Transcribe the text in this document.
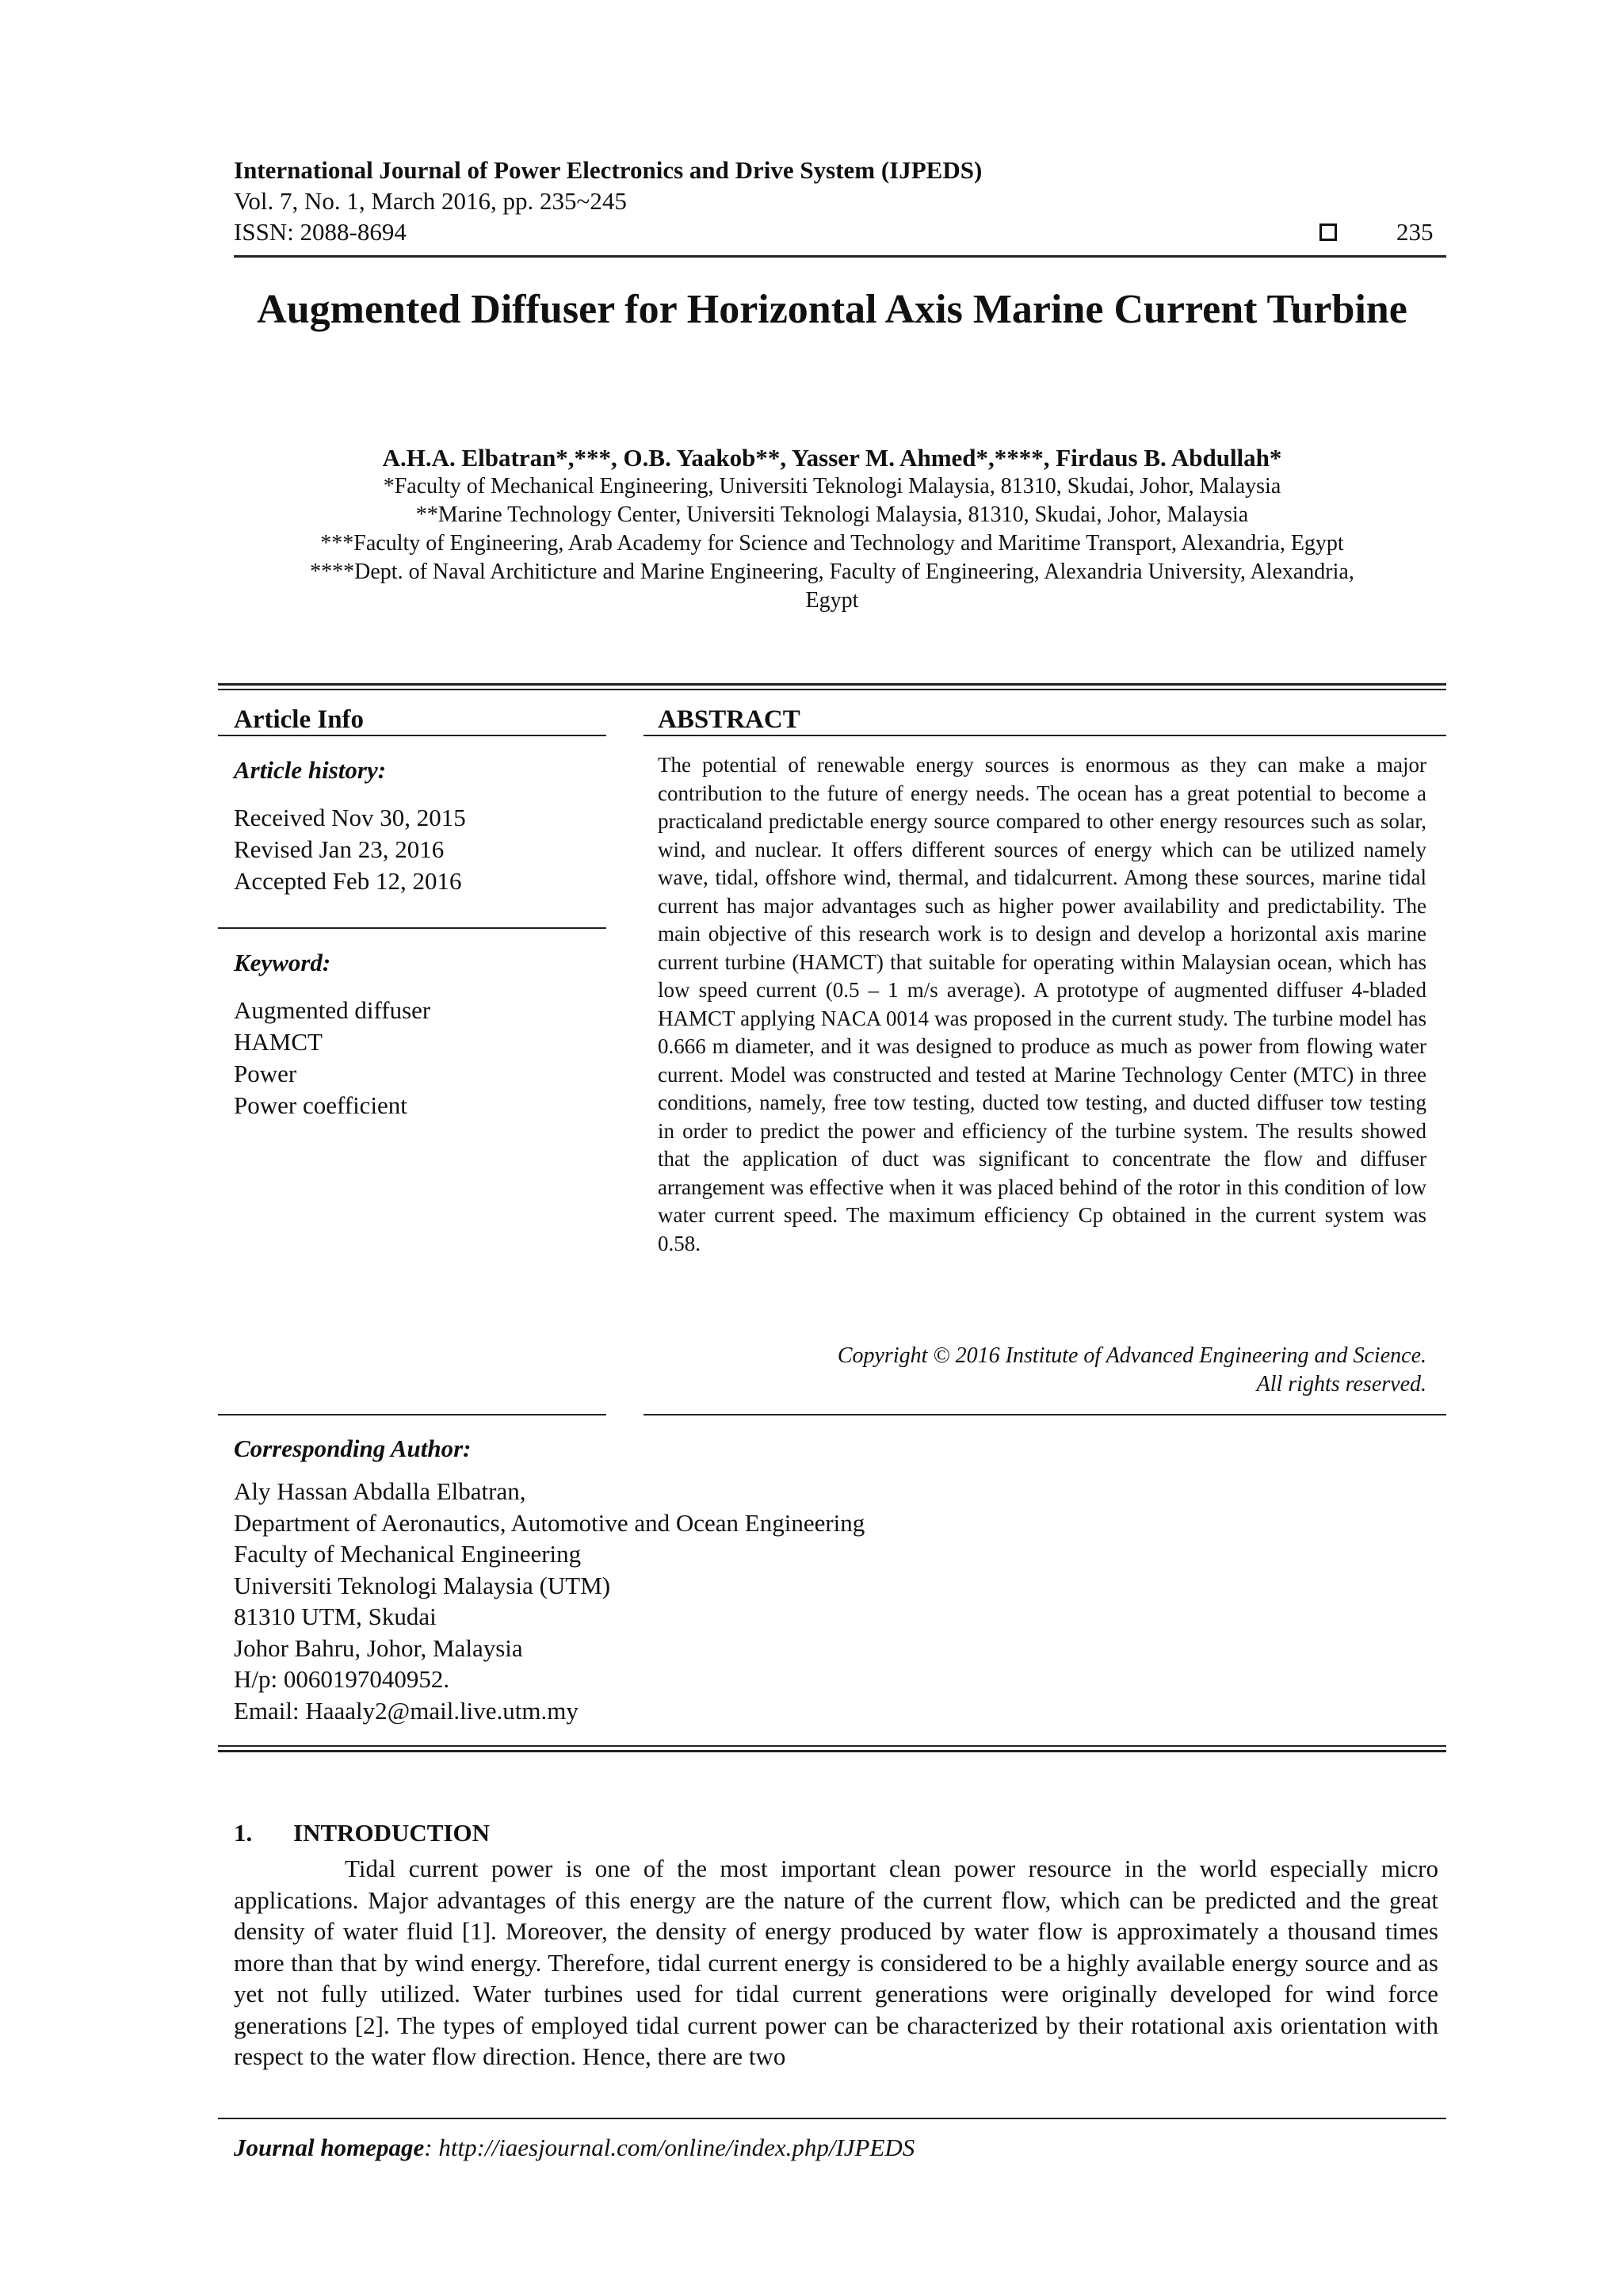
International Journal of Power Electronics and Drive System (IJPEDS)
Vol. 7, No. 1, March 2016, pp. 235~245
ISSN: 2088-8694	235
Augmented Diffuser for Horizontal Axis Marine Current Turbine
A.H.A. Elbatran*,***, O.B. Yaakob**, Yasser M. Ahmed*,****, Firdaus B. Abdullah*
*Faculty of Mechanical Engineering, Universiti Teknologi Malaysia, 81310, Skudai, Johor, Malaysia
**Marine Technology Center, Universiti Teknologi Malaysia, 81310, Skudai, Johor, Malaysia
***Faculty of Engineering, Arab Academy for Science and Technology and Maritime Transport, Alexandria, Egypt
****Dept. of Naval Architicture and Marine Engineering, Faculty of Engineering, Alexandria University, Alexandria,
Egypt
Article Info
Article history:
Received Nov 30, 2015
Revised Jan 23, 2016
Accepted Feb 12, 2016
Keyword:
Augmented diffuser
HAMCT
Power
Power coefficient
ABSTRACT
The potential of renewable energy sources is enormous as they can make a major contribution to the future of energy needs. The ocean has a great potential to become a practicaland predictable energy source compared to other energy resources such as solar, wind, and nuclear. It offers different sources of energy which can be utilized namely wave, tidal, offshore wind, thermal, and tidalcurrent. Among these sources, marine tidal current has major advantages such as higher power availability and predictability. The main objective of this research work is to design and develop a horizontal axis marine current turbine (HAMCT) that suitable for operating within Malaysian ocean, which has low speed current (0.5 – 1 m/s average). A prototype of augmented diffuser 4-bladed HAMCT applying NACA 0014 was proposed in the current study. The turbine model has 0.666 m diameter, and it was designed to produce as much as power from flowing water current. Model was constructed and tested at Marine Technology Center (MTC) in three conditions, namely, free tow testing, ducted tow testing, and ducted diffuser tow testing in order to predict the power and efficiency of the turbine system. The results showed that the application of duct was significant to concentrate the flow and diffuser arrangement was effective when it was placed behind of the rotor in this condition of low water current speed. The maximum efficiency Cp obtained in the current system was 0.58.
Copyright © 2016 Institute of Advanced Engineering and Science.
All rights reserved.
Corresponding Author:
Aly Hassan Abdalla Elbatran,
Department of Aeronautics, Automotive and Ocean Engineering
Faculty of Mechanical Engineering
Universiti Teknologi Malaysia (UTM)
81310 UTM, Skudai
Johor Bahru, Johor, Malaysia
H/p: 0060197040952.
Email: Haaaly2@mail.live.utm.my
1. INTRODUCTION
Tidal current power is one of the most important clean power resource in the world especially micro applications. Major advantages of this energy are the nature of the current flow, which can be predicted and the great density of water fluid [1]. Moreover, the density of energy produced by water flow is approximately a thousand times more than that by wind energy. Therefore, tidal current energy is considered to be a highly available energy source and as yet not fully utilized. Water turbines used for tidal current generations were originally developed for wind force generations [2]. The types of employed tidal current power can be characterized by their rotational axis orientation with respect to the water flow direction. Hence, there are two
Journal homepage: http://iaesjournal.com/online/index.php/IJPEDS
